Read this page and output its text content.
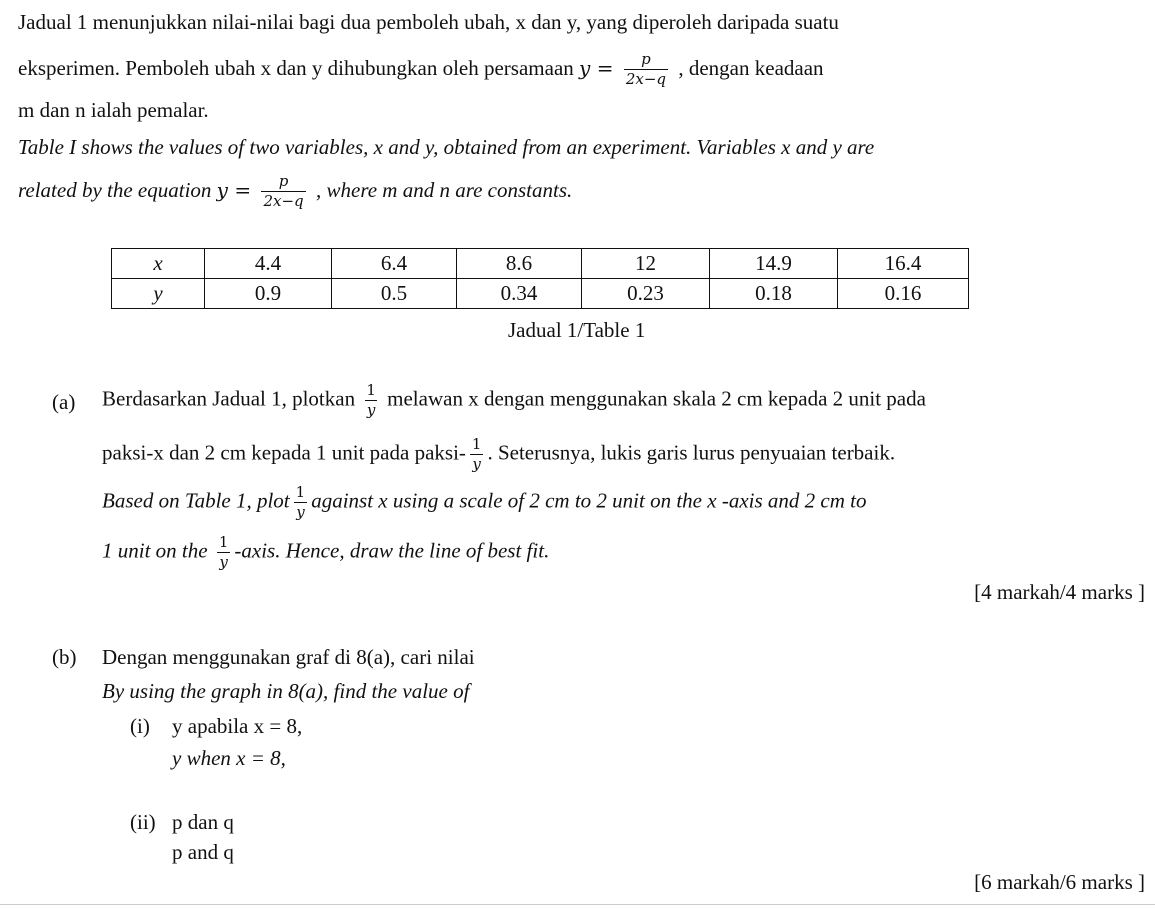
Jadual 1 menunjukkan nilai-nilai bagi dua pemboleh ubah, x dan y, yang diperoleh daripada suatu
eksperimen. Pemboleh ubah x dan y dihubungkan oleh persamaan $y = \frac{p}{2x-q}$ , dengan keadaan
m dan n ialah pemalar.
Table I shows the values of two variables, x and y, obtained from an experiment. Variables x and y are
related by the equation $y = \frac{p}{2x-q}$ , where m and n are constants.
x	4.4	6.4	8.6	12	14.9	16.4
y	0.9	0.5	0.34	0.23	0.18	0.16
Jadual 1/Table 1
(a) Berdasarkan Jadual 1, plotkan $\frac{1}{y}$ melawan x dengan menggunakan skala 2 cm kepada 2 unit pada
paksi-x dan 2 cm kepada 1 unit pada paksi- $\frac{1}{y}$ . Seterusnya, lukis garis lurus penyuaian terbaik.
Based on Table 1, plot $\frac{1}{y}$ against x using a scale of 2 cm to 2 unit on the x -axis and 2 cm to
1 unit on the $\frac{1}{y}$ -axis. Hence, draw the line of best fit.
[4 markah/4 marks ]
(b) Dengan menggunakan graf di 8(a), cari nilai
By using the graph in 8(a), find the value of
(i) y apabila x = 8,
y when x = 8,
(ii) p dan q
p and q
[6 markah/6 marks ]
